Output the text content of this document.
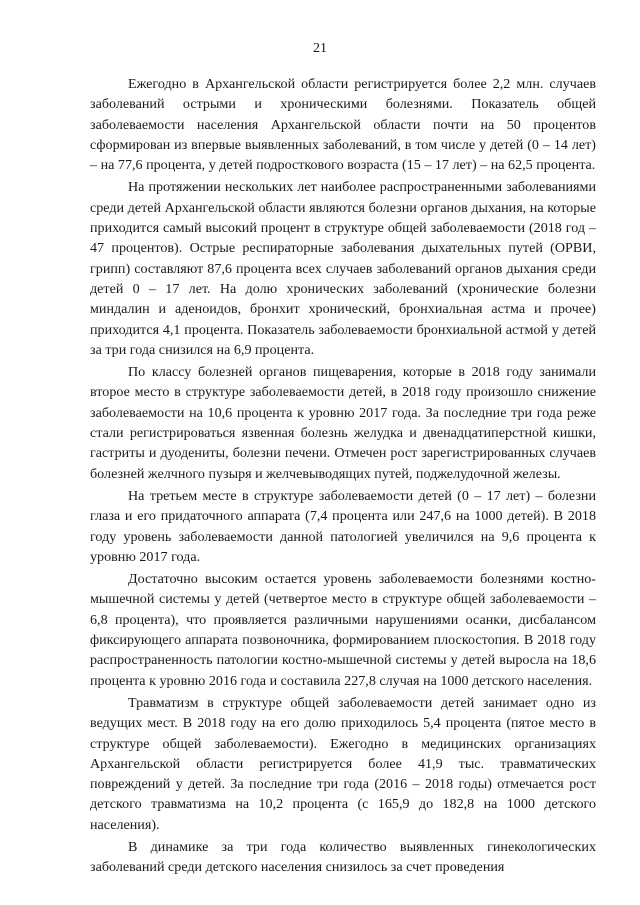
21

Ежегодно в Архангельской области регистрируется более 2,2 млн. случаев заболеваний острыми и хроническими болезнями. Показатель общей заболеваемости населения Архангельской области почти на 50 процентов сформирован из впервые выявленных заболеваний, в том числе у детей (0 – 14 лет) – на 77,6 процента, у детей подросткового возраста (15 – 17 лет) – на 62,5 процента.

На протяжении нескольких лет наиболее распространенными заболеваниями среди детей Архангельской области являются болезни органов дыхания, на которые приходится самый высокий процент в структуре общей заболеваемости (2018 год – 47 процентов). Острые респираторные заболевания дыхательных путей (ОРВИ, грипп) составляют 87,6 процента всех случаев заболеваний органов дыхания среди детей 0 – 17 лет. На долю хронических заболеваний (хронические болезни миндалин и аденоидов, бронхит хронический, бронхиальная астма и прочее) приходится 4,1 процента. Показатель заболеваемости бронхиальной астмой у детей за три года снизился на 6,9 процента.

По классу болезней органов пищеварения, которые в 2018 году занимали второе место в структуре заболеваемости детей, в 2018 году произошло снижение заболеваемости на 10,6 процента к уровню 2017 года. За последние три года реже стали регистрироваться язвенная болезнь желудка и двенадцатиперстной кишки, гастриты и дуодениты, болезни печени. Отмечен рост зарегистрированных случаев болезней желчного пузыря и желчевыводящих путей, поджелудочной железы.

На третьем месте в структуре заболеваемости детей (0 – 17 лет) – болезни глаза и его придаточного аппарата (7,4 процента или 247,6 на 1000 детей). В 2018 году уровень заболеваемости данной патологией увеличился на 9,6 процента к уровню 2017 года.

Достаточно высоким остается уровень заболеваемости болезнями костно-мышечной системы у детей (четвертое место в структуре общей заболеваемости – 6,8 процента), что проявляется различными нарушениями осанки, дисбалансом фиксирующего аппарата позвоночника, формированием плоскостопия. В 2018 году распространенность патологии костно-мышечной системы у детей выросла на 18,6 процента к уровню 2016 года и составила 227,8 случая на 1000 детского населения.

Травматизм в структуре общей заболеваемости детей занимает одно из ведущих мест. В 2018 году на его долю приходилось 5,4 процента (пятое место в структуре общей заболеваемости). Ежегодно в медицинских организациях Архангельской области регистрируется более 41,9 тыс. травматических повреждений у детей. За последние три года (2016 – 2018 годы) отмечается рост детского травматизма на 10,2 процента (с 165,9 до 182,8 на 1000 детского населения).

В динамике за три года количество выявленных гинекологических заболеваний среди детского населения снизилось за счет проведения
